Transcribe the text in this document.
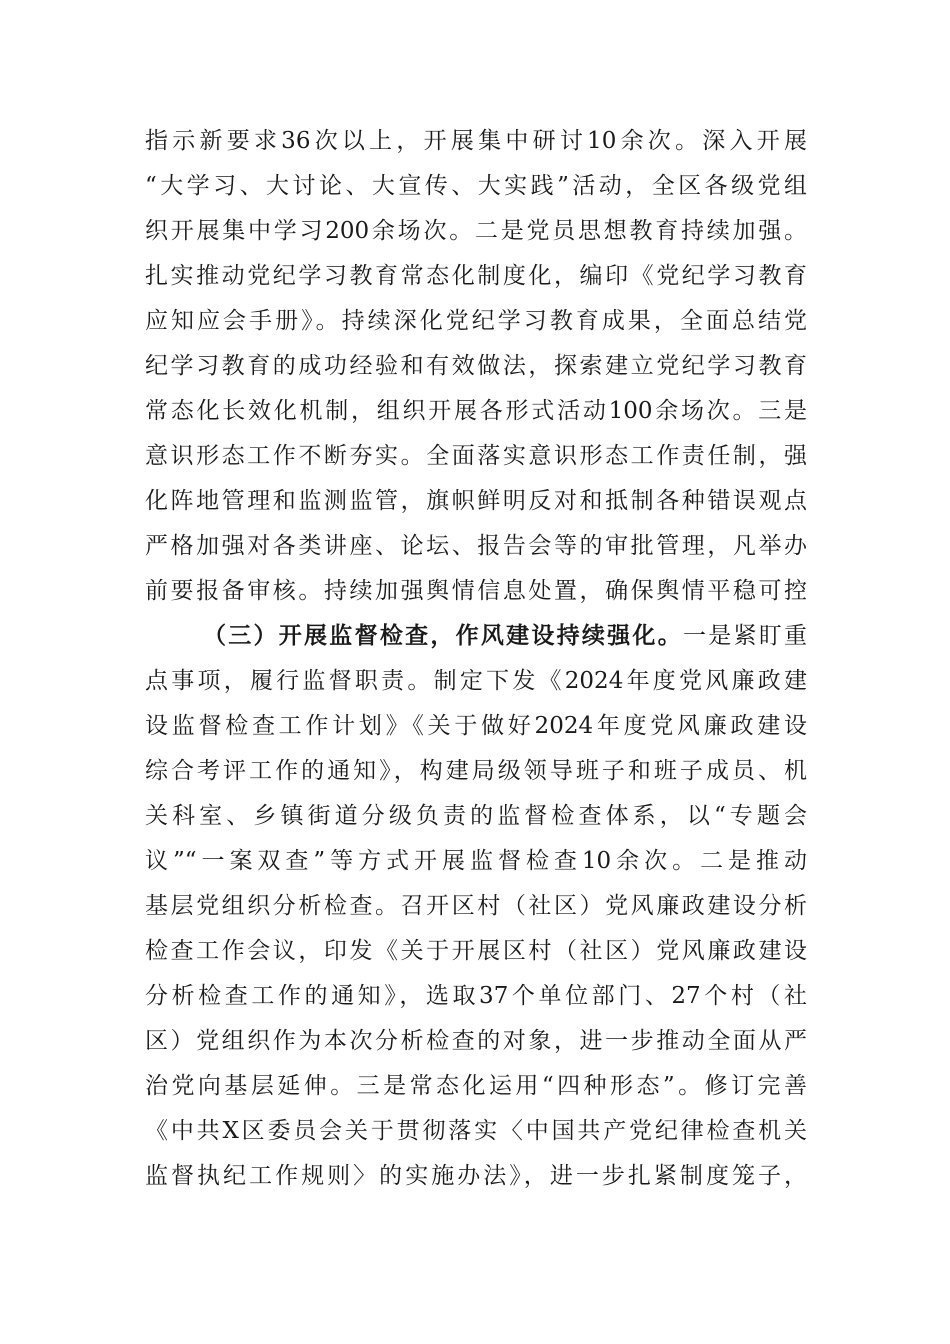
指示新要求36次以上，开展集中研讨10余次。深入开展
“大学习、大讨论、大宣传、大实践”活动，全区各级党组
织开展集中学习200余场次。二是党员思想教育持续加强。
扎实推动党纪学习教育常态化制度化，编印《党纪学习教育
应知应会手册》。持续深化党纪学习教育成果，全面总结党
纪学习教育的成功经验和有效做法，探索建立党纪学习教育
常态化长效化机制，组织开展各形式活动100余场次。三是
意识形态工作不断夯实。全面落实意识形态工作责任制，强
化阵地管理和监测监管，旗帜鲜明反对和抵制各种错误观点
严格加强对各类讲座、论坛、报告会等的审批管理，凡举办
前要报备审核。持续加强舆情信息处置，确保舆情平稳可控
（三）开展监督检查，作风建设持续强化。一是紧盯重
点事项，履行监督职责。制定下发《2024年度党风廉政建
设监督检查工作计划》《关于做好2024年度党风廉政建设
综合考评工作的通知》，构建局级领导班子和班子成员、机
关科室、乡镇街道分级负责的监督检查体系，以“专题会
议”“一案双查”等方式开展监督检查10余次。二是推动
基层党组织分析检查。召开区村（社区）党风廉政建设分析
检查工作会议，印发《关于开展区村（社区）党风廉政建设
分析检查工作的通知》，选取37个单位部门、27个村（社
区）党组织作为本次分析检查的对象，进一步推动全面从严
治党向基层延伸。三是常态化运用“四种形态”。修订完善
《中共X区委员会关于贯彻落实〈中国共产党纪律检查机关
监督执纪工作规则〉的实施办法》，进一步扎紧制度笼子，
